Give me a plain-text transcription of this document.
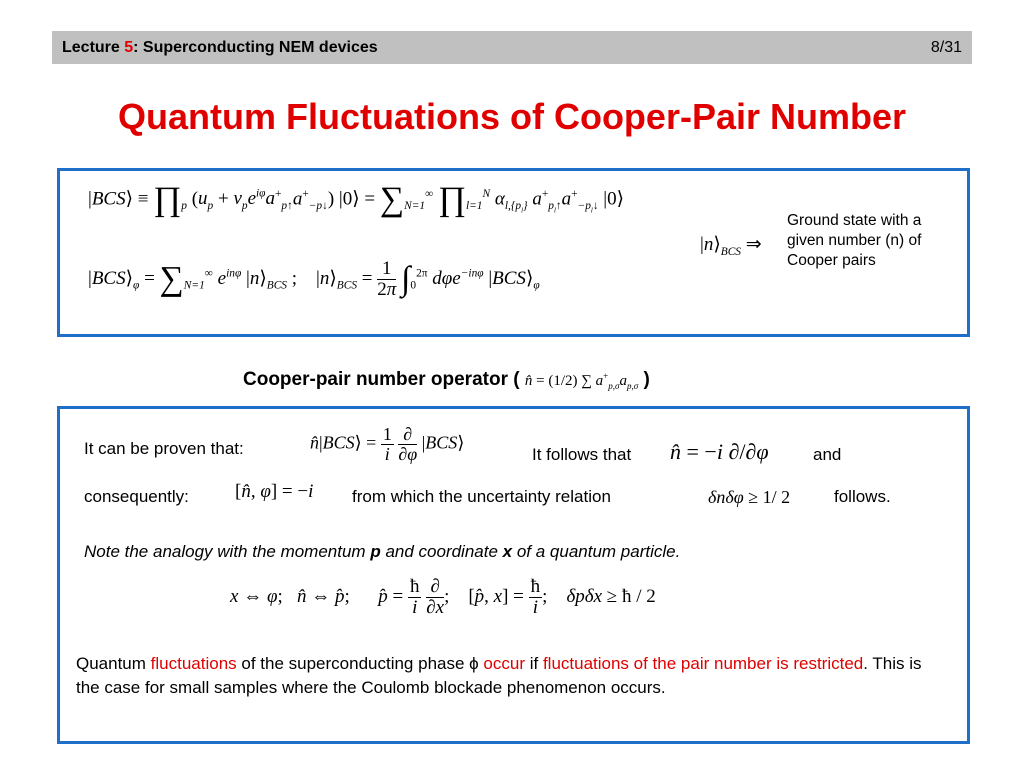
Lecture 5: Superconducting NEM devices	8/31
Quantum Fluctuations of Cooper-Pair Number
|BCS⟩ ≡ $\prod_p$ $(u_p + v_pe^{i\varphi}a^+_{p↑}a^+_{-p↓})$ |0⟩ = $\sum_{N=1}^\infty$ $\prod_{l=1}^N$ $\alpha_{l,\{p_l\}}$ $a^+_{p_l↑}a^+_{-p_l↓}$ |0⟩
$|BCS⟩_\varphi = \sum_{N=1}^\infty$ $e^{in\varphi}$ $|n⟩_{BCS}$ ;    $|n⟩_{BCS} = \frac{1}{2\pi} \int_0^{2\pi}$ dφe$^{-in\varphi}$ $|BCS⟩_\varphi$
$|n⟩_{BCS}$ ⇒
Ground state with a given number (n) of Cooper pairs
Cooper-pair number operator ( n̂ = (1/2) ∑ $a^+_{p,\sigma}a_{p,\sigma}$ )
It can be proven that:	n̂|BCS⟩ = $\frac{1}{i}$
$\frac{\partial}{\partial\varphi}$ |BCS⟩
It follows that n̂ = −i ∂/∂φ	and
consequently: [n̂, φ] = −i from which the uncertainty relation	δnδφ ≥ 1/ 2	follows.
Note the analogy with the momentum p and coordinate x of a quantum particle.
x ⇔ φ;   n̂ ⇔ p̂;      p̂ = $\frac{ħ}{i}$
$\frac{\partial}{\partial x}$ ;    [p̂, $x] = \frac{ħ}{i}$ ;    δpδx ≥ ħ / 2
Quantum fluctuations of the superconducting phase ϕ occur if fluctuations of the pair number is restricted. This is the case for small samples where the Coulomb blockade phenomenon occurs.
